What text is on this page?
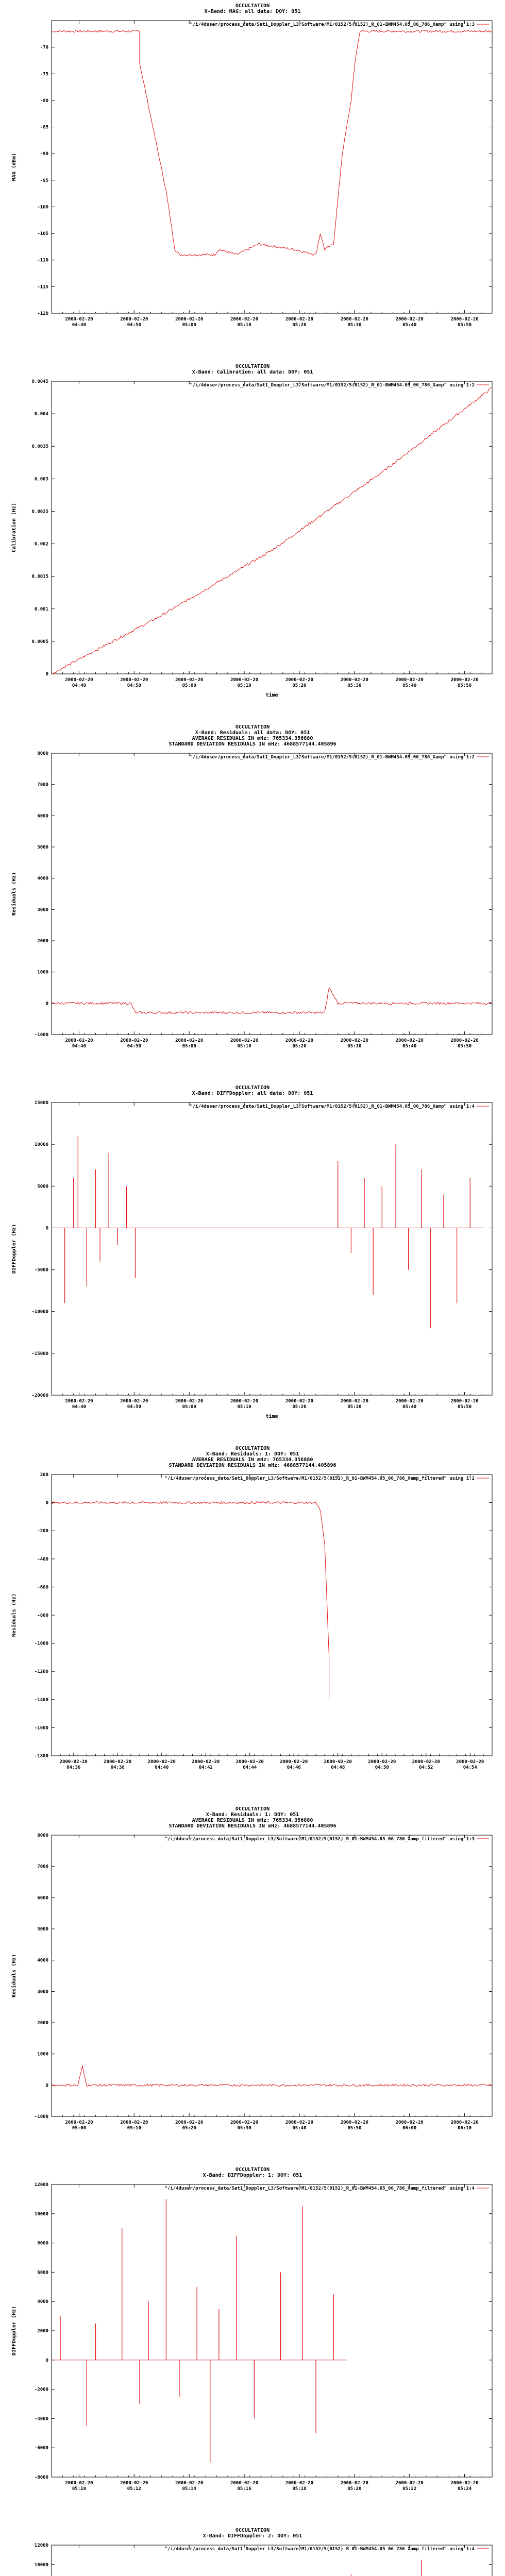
OCCULTATION
X-Band: MAG: all data: DOY: 051
"/i/4duser/process_data/Sat1_Doppler_L3/Software/M1/0152/5(0152)_R_01-BWM454.05_06_786_Xamp" using 1:3
-70
-75
-80
-85
-90
-95
-100
-105
-110
-115
-120
2000-02-20 04:40
2000-02-20 04:50
2000-02-20 05:00
2000-02-20 05:10
2000-02-20 05:20
2000-02-20 05:30
2000-02-20 05:40
2000-02-20 05:50
MAG (dBm)
OCCULTATION
X-Band: Calibration: all data: DOY: 051
"/i/4duser/process_data/Sat1_Doppler_L3/Software/M1/0152/5(0152)_R_01-BWM454.05_06_786_Xamp" using 1:2
0.0045
0.004
0.0035
0.003
0.0025
0.002
0.0015
0.001
0.0005
0
2000-02-20 04:40
2000-02-20 04:50
2000-02-20 05:00
2000-02-20 05:10
2000-02-20 05:20
2000-02-20 05:30
2000-02-20 05:40
2000-02-20 05:50
Calibration (Hz)
time
OCCULTATION
X-Band: Residuals: all data: DOY: 051
AVERAGE RESIDUALS IN mHz: 765334.356880
STANDARD DEVIATION RESIDUALS IN mHz: 4688577144.405896
"/i/4duser/process_data/Sat1_Doppler_L3/Software/M1/0152/5(0152)_R_01-BWM454.05_06_786_Xamp" using 1:2
8000
7000
6000
5000
4000
3000
2000
1000
0
-1000
2000-02-20 04:40
2000-02-20 04:50
2000-02-20 05:00
2000-02-20 05:10
2000-02-20 05:20
2000-02-20 05:30
2000-02-20 05:40
2000-02-20 05:50
Residuals (Hz)
OCCULTATION
X-Band: DIFFDoppler: all data: DOY: 051
"/i/4duser/process_data/Sat1_Doppler_L3/Software/M1/0152/5(0152)_R_01-BWM454.05_06_786_Xamp" using 1:4
15000
10000
5000
0
-5000
-10000
-15000
-20000
2000-02-20 04:40
2000-02-20 04:50
2000-02-20 05:00
2000-02-20 05:10
2000-02-20 05:20
2000-02-20 05:30
2000-02-20 05:40
2000-02-20 05:50
DIFFDoppler (Hz)
time
OCCULTATION
X-Band: Residuals: 1: DOY: 051
AVERAGE RESIDUALS IN mHz: 765334.356880
STANDARD DEVIATION RESIDUALS IN mHz: 4688577144.405896
"/i/4duser/process_data/Sat1_Doppler_L3/Software/M1/0152/5(0152)_R_01-BWM454.05_06_786_Xamp_filtered" using 1:2
200
0
-200
-400
-600
-800
-1000
-1200
-1400
-1600
-1800
2000-02-20 04:36
2000-02-20 04:38
2000-02-20 04:40
2000-02-20 04:42
2000-02-20 04:44
2000-02-20 04:46
2000-02-20 04:48
2000-02-20 04:50
2000-02-20 04:52
2000-02-20 04:54
Residuals (Hz)
OCCULTATION
X-Band: Residuals: 1: DOY: 051
AVERAGE RESIDUALS IN mHz: 765334.356880
STANDARD DEVIATION RESIDUALS IN mHz: 4688577144.405896
"/i/4duser/process_data/Sat1_Doppler_L3/Software/M1/0152/5(0152)_R_01-BWM454.05_06_786_Xamp_filtered" using 1:3
8000
7000
6000
5000
4000
3000
2000
1000
0
-1000
2000-02-20 05:00
2000-02-20 05:10
2000-02-20 05:20
2000-02-20 05:30
2000-02-20 05:40
2000-02-20 05:50
2000-02-20 06:00
2000-02-20 06:10
Residuals (Hz)
OCCULTATION
X-Band: DIFFDoppler: 1: DOY: 051
"/i/4duser/process_data/Sat1_Doppler_L3/Software/M1/0152/5(0152)_R_01-BWM454.05_06_786_Xamp_filtered" using 1:4
12000
10000
8000
6000
4000
2000
0
-2000
-4000
-6000
-8000
2000-02-20 05:10
2000-02-20 05:12
2000-02-20 05:14
2000-02-20 05:16
2000-02-20 05:18
2000-02-20 05:20
2000-02-20 05:22
2000-02-20 05:24
DIFFDoppler (Hz)
OCCULTATION
X-Band: DIFFDoppler: 2: DOY: 051
"/i/4duser/process_data/Sat1_Doppler_L3/Software/M1/0152/5(0152)_R_01-BWM454.05_06_786_Xamp_filtered" using 1:4
12000
10000
